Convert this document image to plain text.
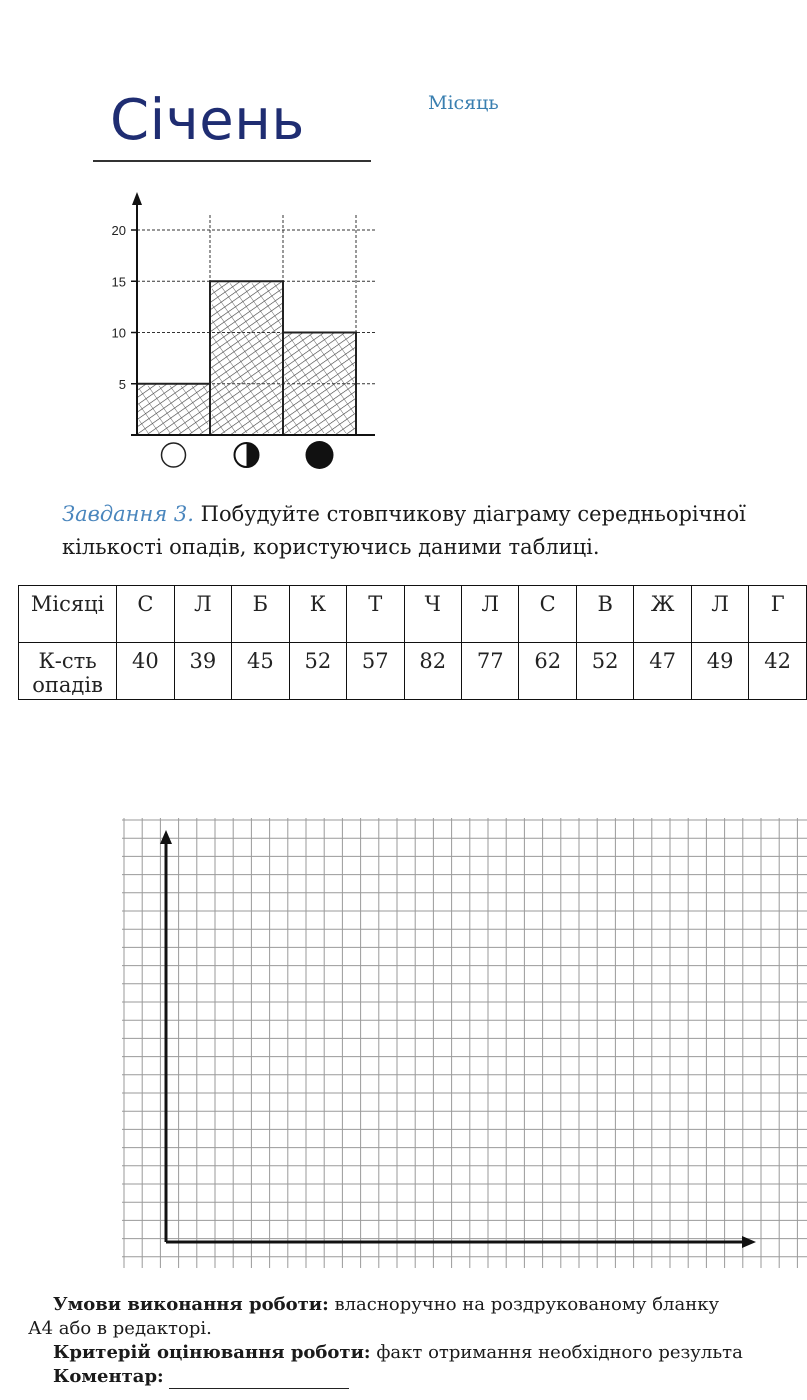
Січень	Місяць
5
10
15
20
Завдання 3. Побудуйте стовпчикову діаграму середньорічної
кількості опадів, користуючись даними таблиці.
Місяці	С	Л	Б	К	Т	Ч	Л	С	В	Ж	Л	Г
К-сть
опадів	40	39	45	52	57	82	77	62	52	47	49	42
Умови виконання роботи: власноручно на роздрукованому бланку
А4 або в редакторі.
Критерій оцінювання роботи: факт отримання необхідного результа
Коментар:
